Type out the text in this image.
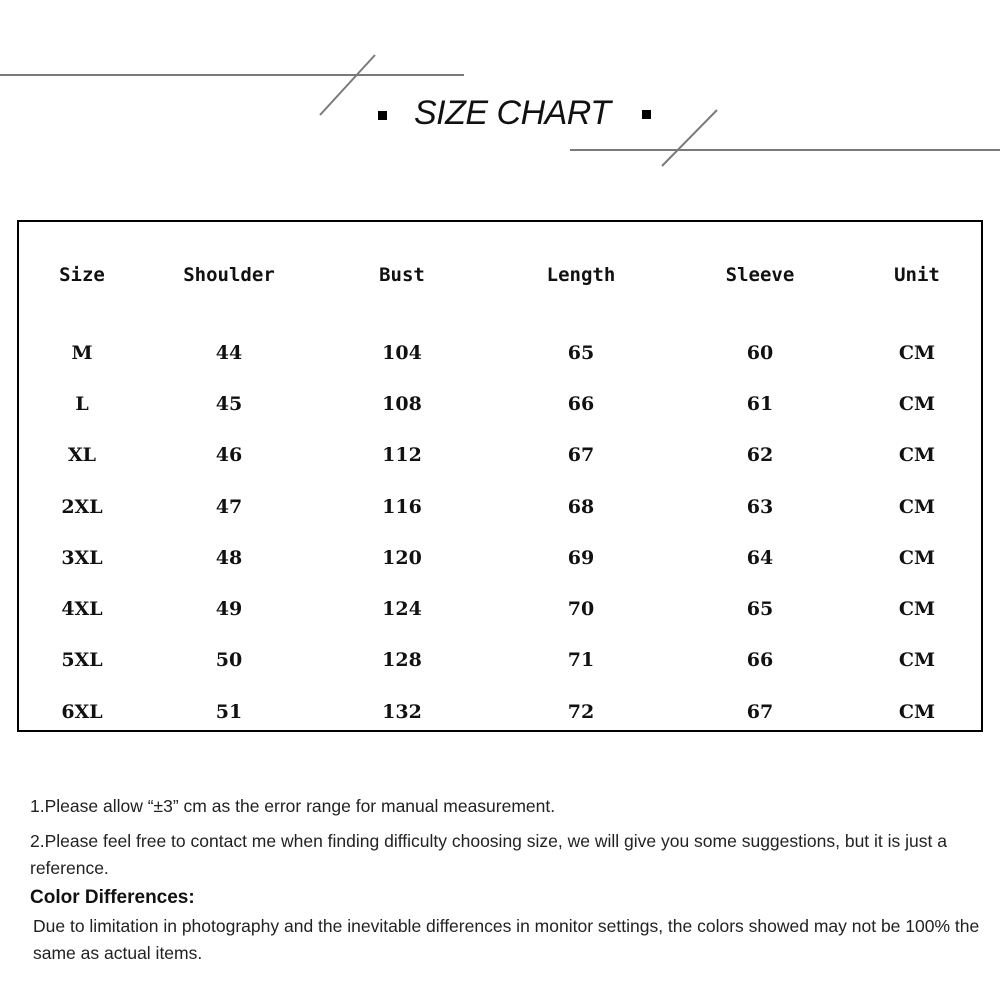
SIZE CHART
Size	Shoulder	Bust	Length	Sleeve	Unit
M	44	104	65	60	CM
L	45	108	66	61	CM
XL	46	112	67	62	CM
2XL	47	116	68	63	CM
3XL	48	120	69	64	CM
4XL	49	124	70	65	CM
5XL	50	128	71	66	CM
6XL	51	132	72	67	CM

1.Please allow “±3” cm as the error range for manual measurement.

2.Please feel free to contact me when finding difficulty choosing size, we will give you some suggestions, but it is just a reference.

Color Differences:

Due to limitation in photography and the inevitable differences in monitor settings, the colors showed may not be 100% the same as actual items.
